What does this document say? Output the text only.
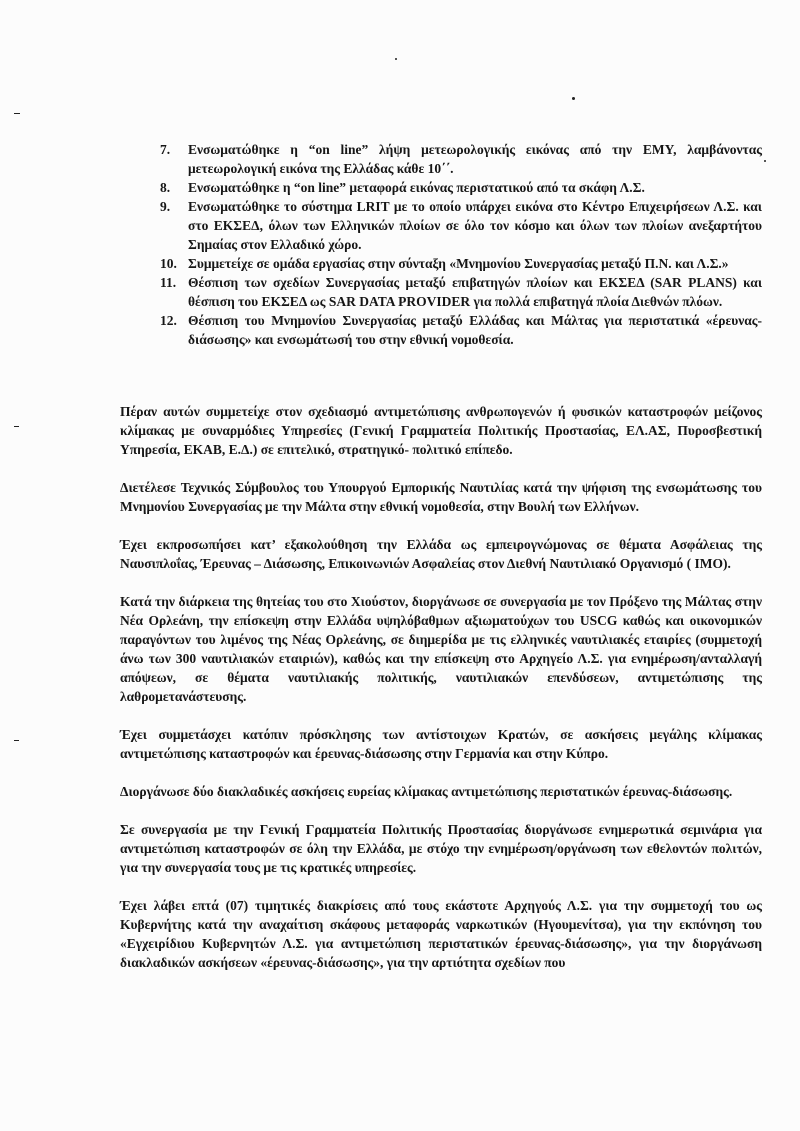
7. Ενσωματώθηκε η “on line” λήψη μετεωρολογικής εικόνας από την ΕΜΥ, λαμβάνοντας μετεωρολογική εικόνα της Ελλάδας κάθε 10΄΄.
8. Ενσωματώθηκε η “on line” μεταφορά εικόνας περιστατικού από τα σκάφη Λ.Σ.
9. Ενσωματώθηκε το σύστημα LRIT με το οποίο υπάρχει εικόνα στο Κέντρο Επιχειρήσεων Λ.Σ. και στο ΕΚΣΕΔ, όλων των Ελληνικών πλοίων σε όλο τον κόσμο και όλων των πλοίων ανεξαρτήτου Σημαίας στον Ελλαδικό χώρο.
10. Συμμετείχε σε ομάδα εργασίας στην σύνταξη «Μνημονίου Συνεργασίας μεταξύ Π.Ν. και Λ.Σ.»
11. Θέσπιση των σχεδίων Συνεργασίας μεταξύ επιβατηγών πλοίων και ΕΚΣΕΔ (SAR PLANS) και θέσπιση του ΕΚΣΕΔ ως SAR DATA PROVIDER για πολλά επιβατηγά πλοία Διεθνών πλόων.
12. Θέσπιση του Μνημονίου Συνεργασίας μεταξύ Ελλάδας και Μάλτας για περιστατικά «έρευνας-διάσωσης» και ενσωμάτωσή του στην εθνική νομοθεσία.

Πέραν αυτών συμμετείχε στον σχεδιασμό αντιμετώπισης ανθρωπογενών ή φυσικών καταστροφών μείζονος κλίμακας με συναρμόδιες Υπηρεσίες (Γενική Γραμματεία Πολιτικής Προστασίας, ΕΛ.ΑΣ, Πυροσβεστική Υπηρεσία, ΕΚΑΒ, Ε.Δ.) σε επιτελικό, στρατηγικό- πολιτικό επίπεδο.

Διετέλεσε Τεχνικός Σύμβουλος του Υπουργού Εμπορικής Ναυτιλίας κατά την ψήφιση της ενσωμάτωσης του Μνημονίου Συνεργασίας με την Μάλτα στην εθνική νομοθεσία, στην Βουλή των Ελλήνων.

Έχει εκπροσωπήσει κατ’ εξακολούθηση την Ελλάδα ως εμπειρογνώμονας σε θέματα Ασφάλειας της Ναυσιπλοΐας, Έρευνας – Διάσωσης, Επικοινωνιών Ασφαλείας στον Διεθνή Ναυτιλιακό Οργανισμό ( ΙΜΟ).

Κατά την διάρκεια της θητείας του στο Χιούστον, διοργάνωσε σε συνεργασία με τον Πρόξενο της Μάλτας στην Νέα Ορλεάνη, την επίσκεψη στην Ελλάδα υψηλόβαθμων αξιωματούχων του USCG καθώς και οικονομικών παραγόντων του λιμένος της Νέας Ορλεάνης, σε διημερίδα με τις ελληνικές ναυτιλιακές εταιρίες (συμμετοχή άνω των 300 ναυτιλιακών εταιριών), καθώς και την επίσκεψη στο Αρχηγείο Λ.Σ. για ενημέρωση/ανταλλαγή απόψεων, σε θέματα ναυτιλιακής πολιτικής, ναυτιλιακών επενδύσεων, αντιμετώπισης της λαθρομετανάστευσης.

Έχει συμμετάσχει κατόπιν πρόσκλησης των αντίστοιχων Κρατών, σε ασκήσεις μεγάλης κλίμακας αντιμετώπισης καταστροφών και έρευνας-διάσωσης στην Γερμανία και στην Κύπρο.

Διοργάνωσε δύο διακλαδικές ασκήσεις ευρείας κλίμακας αντιμετώπισης περιστατικών έρευνας-διάσωσης.

Σε συνεργασία με την Γενική Γραμματεία Πολιτικής Προστασίας διοργάνωσε ενημερωτικά σεμινάρια για αντιμετώπιση καταστροφών σε όλη την Ελλάδα, με στόχο την ενημέρωση/οργάνωση των εθελοντών πολιτών, για την συνεργασία τους με τις κρατικές υπηρεσίες.

Έχει λάβει επτά (07) τιμητικές διακρίσεις από τους εκάστοτε Αρχηγούς Λ.Σ. για την συμμετοχή του ως Κυβερνήτης κατά την αναχαίτιση σκάφους μεταφοράς ναρκωτικών (Ηγουμενίτσα), για την εκπόνηση του «Εγχειρίδιου Κυβερνητών Λ.Σ. για αντιμετώπιση περιστατικών έρευνας-διάσωσης», για την διοργάνωση διακλαδικών ασκήσεων «έρευνας-διάσωσης», για την αρτιότητα σχεδίων που
